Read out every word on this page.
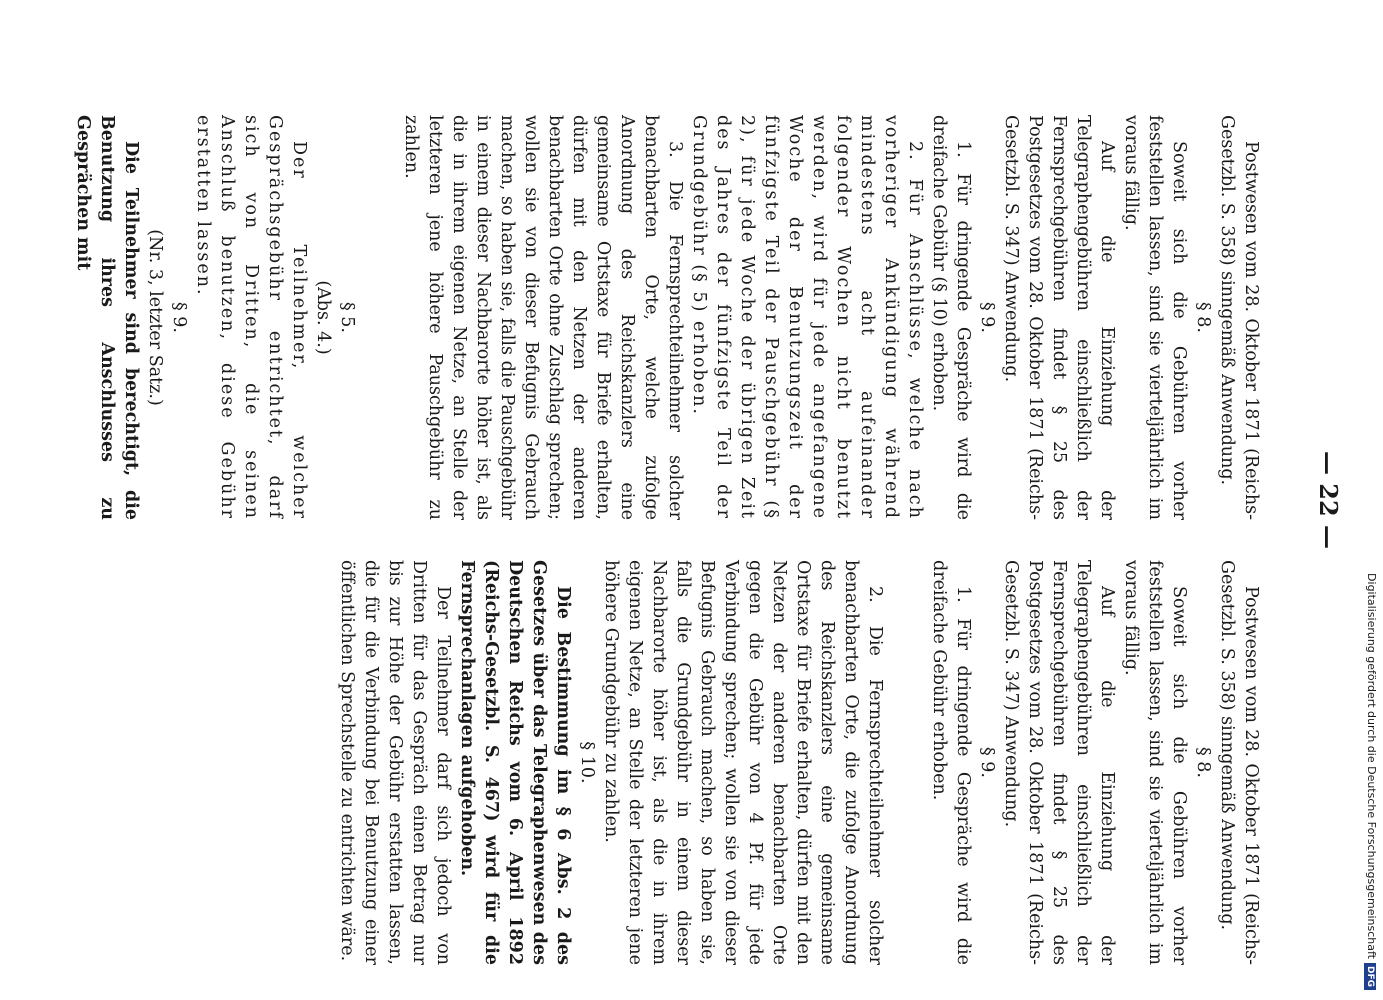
— 22 —

Postwesen vom 28. Oktober 1871 (Reichs-Gesetzbl. S. 358) sinngemäß Anwendung.

§ 8.

Soweit sich die Gebühren vorher feststellen lassen, sind sie vierteljährlich im voraus fällig.

Auf die Einziehung der Telegraphengebühren einschließlich der Fernsprechgebühren findet § 25 des Postgesetzes vom 28. Oktober 1871 (Reichs-Gesetzbl. S. 347) Anwendung.

§ 9.

1. Für dringende Gespräche wird die dreifache Gebühr (§ 10) erhoben.

2. Für Anschlüsse, welche nach vorheriger Ankündigung während mindestens acht aufeinander folgender Wochen nicht benutzt werden, wird für jede angefangene Woche der Benutzungszeit der fünfzigste Teil der Pauschgebühr (§ 2), für jede Woche der übrigen Zeit des Jahres der fünfzigste Teil der Grundgebühr (§ 5) erhoben.

3. Die Fernsprechteilnehmer solcher benachbarten Orte, welche zufolge Anordnung des Reichskanzlers eine gemeinsame Ortstaxe für Briefe erhalten, dürfen mit den Netzen der anderen benachbarten Orte ohne Zuschlag sprechen; wollen sie von dieser Befugnis Gebrauch machen, so haben sie, falls die Pauschgebühr in einem dieser Nachbarorte höher ist, als die in ihrem eigenen Netze, an Stelle der letzteren jene höhere Pauschgebühr zu zahlen.

§ 5.

(Abs. 4.)

Der Teilnehmer, welcher Gesprächsgebühr entrichtet, darf sich von Dritten, die seinen Anschluß benutzen, diese Gebühr erstatten lassen.

§ 9.

(Nr. 3, letzter Satz.)

Die Teilnehmer sind berechtigt, die Benutzung ihres Anschlusses zu Gesprächen mit

Postwesen vom 28. Oktober 1871 (Reichs-Gesetzbl. S. 358) sinngemäß Anwendung.

§ 8.

Soweit sich die Gebühren vorher feststellen lassen, sind sie vierteljährlich im voraus fällig.

Auf die Einziehung der Telegraphengebühren einschließlich der Fernsprechgebühren findet § 25 des Postgesetzes vom 28. Oktober 1871 (Reichs-Gesetzbl. S. 347) Anwendung.

§ 9.

1. Für dringende Gespräche wird die dreifache Gebühr erhoben.

2. Die Fernsprechteilnehmer solcher benachbarten Orte, die zufolge Anordnung des Reichskanzlers eine gemeinsame Ortstaxe für Briefe erhalten, dürfen mit den Netzen der anderen benachbarten Orte gegen die Gebühr von 4 Pf. für jede Verbindung sprechen; wollen sie von dieser Befugnis Gebrauch machen, so haben sie, falls die Grundgebühr in einem dieser Nachbarorte höher ist, als die in ihrem eigenen Netze, an Stelle der letzteren jene höhere Grundgebühr zu zahlen.

§ 10.

Die Bestimmung im § 6 Abs. 2 des Gesetzes über das Telegraphenwesen des Deutschen Reichs vom 6. April 1892 (Reichs-Gesetzbl. S. 467) wird für die Fernsprechanlagen aufgehoben.

Der Teilnehmer darf sich jedoch von Dritten für das Gespräch einen Betrag nur bis zur Höhe der Gebühr erstatten lassen, die für die Verbindung bei Benutzung einer öffentlichen Sprechstelle zu entrichten wäre.	Digitalisierung gefördert durch die Deutsche ForschungsgemeinschaftDFG
